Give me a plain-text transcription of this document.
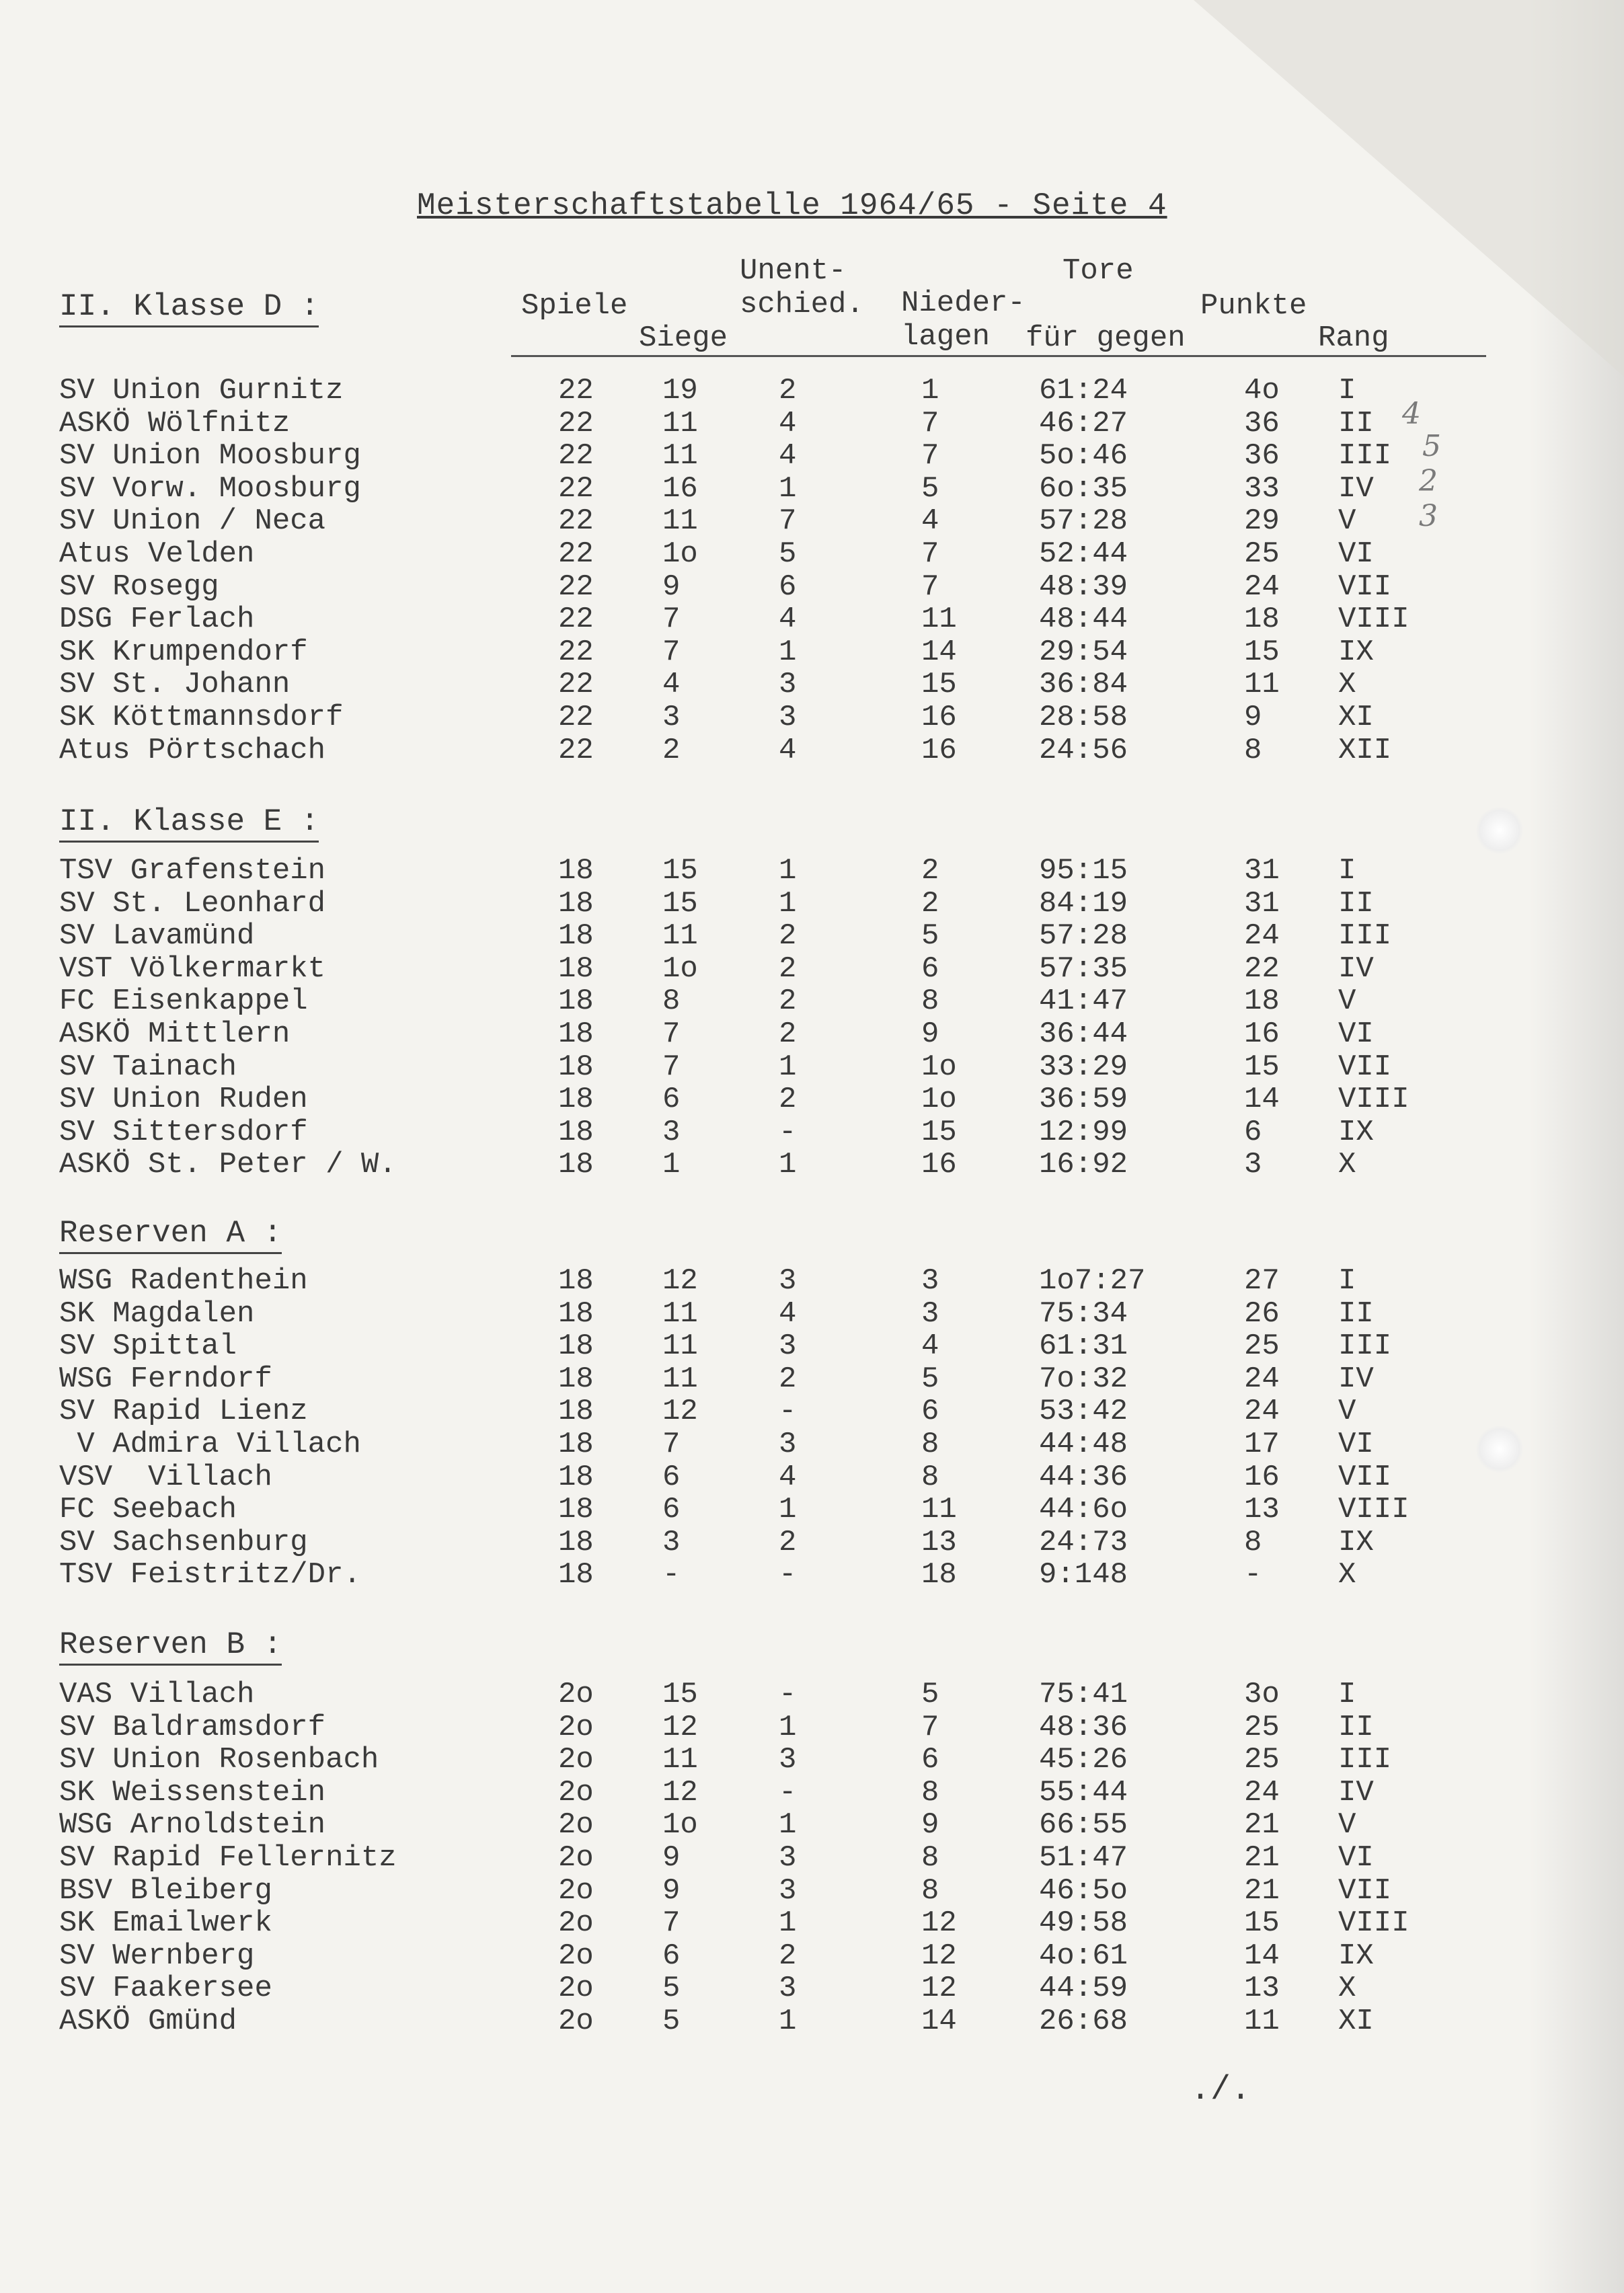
Meisterschaftstabelle 1964/65 - Seite 4
Unent-
schied. Nieder-
lagen
Tore
Spiele
Siege	für gegen
Punkte
Rang
II. Klasse D :
SV Union Gurnitz	22 19	2	1	61:24	4o I
ASKÖ Wölfnitz	22 11	4	7	46:27	36 II
SV Union Moosburg	22 11	4	7	5o:46	36 III
SV Vorw. Moosburg	22 16	1	5	6o:35	33 IV
SV Union / Neca	22 11	7	4	57:28	29 V
Atus Velden	22 1o	5	7	52:44	25 VI
SV Rosegg	22 9	6	7	48:39	24 VII
DSG Ferlach	22 7	4	11	48:44	18 VIII
SK Krumpendorf	22 7	1	14	29:54	15 IX
SV St. Johann	22 4	3	15	36:84	11 X
SK Köttmannsdorf	22 3	3	16	28:58	9	XI
Atus Pörtschach	22 2	4	16	24:56	8	XII
II. Klasse E :
TSV Grafenstein	18 15	1	2	95:15	31 I
SV St. Leonhard	18 15	1	2	84:19	31 II
SV Lavamünd	18 11	2	5	57:28	24 III
VST Völkermarkt	18 1o	2	6	57:35	22 IV
FC Eisenkappel	18 8	2	8	41:47	18 V
ASKÖ Mittlern	18 7	2	9	36:44	16 VI
SV Tainach	18 7	1	1o	33:29	15 VII
SV Union Ruden	18 6	2	1o	36:59	14 VIII
SV Sittersdorf	18 3	-	15	12:99	6	IX
ASKÖ St. Peter / W.	18 1	1	16	16:92	3	X
Reserven A :
WSG Radenthein	18 12	3	3	1o7:27	27 I
SK Magdalen	18 11	4	3	75:34	26 II
SV Spittal	18 11	3	4	61:31	25 III
WSG Ferndorf	18 11	2	5	7o:32	24 IV
SV Rapid Lienz	18 12	-	6	53:42	24 V
V Admira Villach	18 7	3	8	44:48	17 VI
VSV  Villach	18 6	4	8	44:36	16 VII
FC Seebach	18 6	1	11	44:6o	13 VIII
SV Sachsenburg	18 3	2	13	24:73	8	IX
TSV Feistritz/Dr.	18 -	-	18	9:148	-	X
Reserven B :
VAS Villach	2o 15	-	5	75:41	3o I
SV Baldramsdorf	2o 12	1	7	48:36	25 II
SV Union Rosenbach	2o 11	3	6	45:26	25 III
SK Weissenstein	2o 12	-	8	55:44	24 IV
WSG Arnoldstein	2o 1o	1	9	66:55	21 V
SV Rapid Fellernitz	2o 9	3	8	51:47	21 VI
BSV Bleiberg	2o 9	3	8	46:5o	21 VII
SK Emailwerk	2o 7	1	12	49:58	15 VIII
SV Wernberg	2o 6	2	12	4o:61	14 IX
SV Faakersee	2o 5	3	12	44:59	13 X
ASKÖ Gmünd	2o 5	1	14	26:68	11 XI
4
5
2
3
./.
